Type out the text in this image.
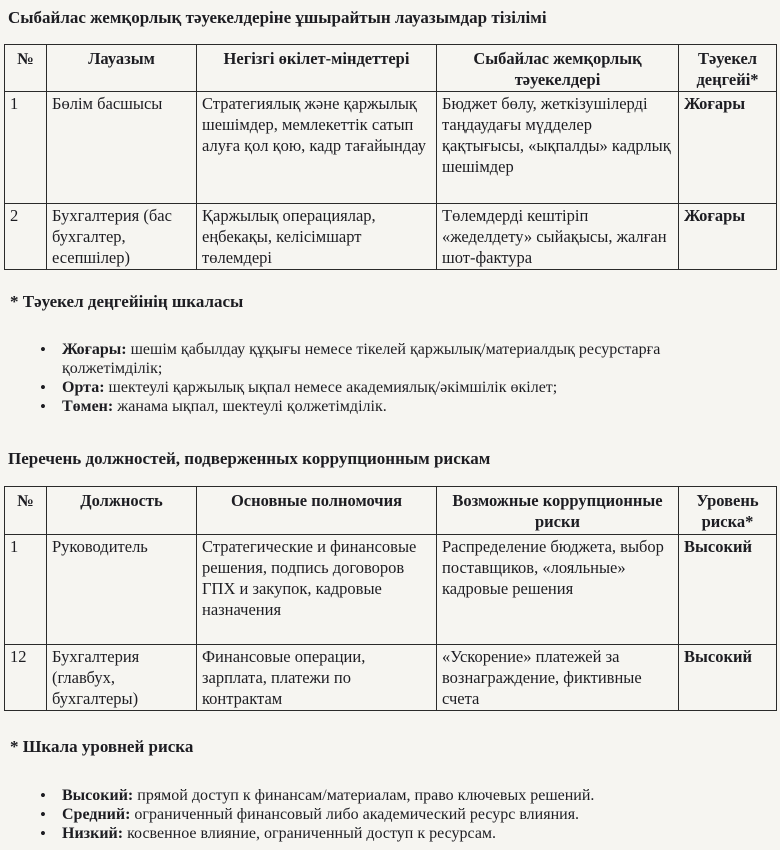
Сыбайлас жемқорлық тәуекелдеріне ұшырайтын лауазымдар тізілімі
№	Лауазым	Негізгі өкілет-міндеттері	Сыбайлас жемқорлық тәуекелдері	Тәуекел деңгейі*
1	Бөлім басшысы	Стратегиялық және қаржылық шешімдер, мемлекеттік сатып алуға қол қою, кадр тағайындау	Бюджет бөлу, жеткізушілерді таңдаудағы мүдделер қақтығысы, «ықпалды» кадрлық шешімдер	Жоғары
2	Бухгалтерия (бас бухгалтер, есепшілер)	Қаржылық операциялар, еңбекақы, келісімшарт төлемдері	Төлемдерді кештіріп «жеделдету» сыйақысы, жалған шот-фактура	Жоғары
* Тәуекел деңгейінің шкаласы
• Жоғары: шешім қабылдау құқығы немесе тікелей қаржылық/материалдық ресурстарға қолжетімділік;
• Орта: шектеулі қаржылық ықпал немесе академиялық/әкімшілік өкілет;
• Төмен: жанама ықпал, шектеулі қолжетімділік.
Перечень должностей, подверженных коррупционным рискам
№	Должность	Основные полномочия	Возможные коррупционные риски	Уровень риска*
1	Руководитель	Стратегические и финансовые решения, подпись договоров ГПХ и закупок, кадровые назначения	Распределение бюджета, выбор поставщиков, «лояльные» кадровые решения	Высокий
12	Бухгалтерия (главбух, бухгалтеры)	Финансовые операции, зарплата, платежи по контрактам	«Ускорение» платежей за вознаграждение, фиктивные счета	Высокий
* Шкала уровней риска
• Высокий: прямой доступ к финансам/материалам, право ключевых решений.
• Средний: ограниченный финансовый либо академический ресурс влияния.
• Низкий: косвенное влияние, ограниченный доступ к ресурсам.
